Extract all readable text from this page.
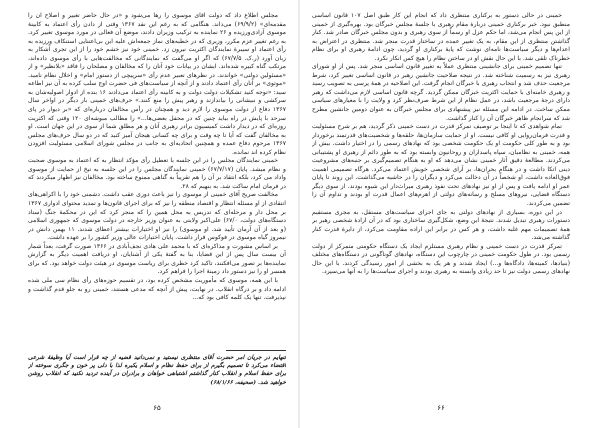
مجلس اطلاع داد که دولت آقای موسوی را رها می‌شود و «در حال حاضر تغییر و اصلاح آن را مقدمه‌ای» (۶۹/۹/۲) می‌داند. هنگامی که به رغم این نقد ۱۳۶۷ وقتی از دادن رأی اعتماد به کابینهٔ موسوی آزادی‌ورزیده و ۲۶ نماینده به ترکیب وزیران دادند، موضع آن فعالی در مورد موسوی تغییر کرد. به رغم تغییر عزم مکرر، وزیری که در خطبه‌های نماز جمعه‌اش علیه این بی‌اعتنایی استنکاف ورزیده به رأی اعتماد او سیبرهٔ نمایندگان اکثریت نیرون زد. خمینی خود نیز خشم خود را از این تجری آشکار به زبان آورد (ر.ک. ۶۷/۷/۵) که اگر او می‌گفت که نمایندگانی که مخالفت‌هایی با رأی موسوی داده‌اند، مرتکب گناه کبیره شده‌اند. ایشان در بیانات خود آنان را که مخالفان و مصلحان را فاقد «بلانظیر» و از «مسئولین دولتی» خواندند. در نظرهای تعبیر عدم رأی «سرپیچی از دستور امام» و اخلال نظام نامید. «موتوی» بر آنان رأی اعتماد دادند و از آنچه از سیاست‌های فی حضرت اوج سلب کرده به آن نیز اطاعه سید: «توجه کنید تشکیلات دولت دولت و به کابینه رأی اعتماد می‌دادند ۱۶ بنده از ادوار اصولیه‌شان به سرکشی و نبیشانی را بیاندازند و رهبر پیش را منع کنند.» حرف‌هاى خمینی بار دیگر در اواخر سال ۱۳۶۷ دفاع از دولت موسوی را لازم دید و همچنان در رأس مخالفان درباره‌ای که «بر دیوار در پای سرحد با پایش در راه بیاید چنین که در محفل بعضی‌ها...» را مطالب مبوشه‌ای ۱۲۰ وقتی که اکثریت روزه‌ای که در دیدار داشت کمیسیون برادر رهبری آنان و هر مطلق شما از سوی در این جهان است. او به مخالفان گفت که آیا تا چه وقت و برای چه کسانی هیجان آمیز کنید که در دو سال حرف‌هاى مجلس ۱۳۶۷ مرحوم دفاع عمده و همچنین اتحادیه‌ای به جانب در مجلس شورای اسلامی مسئولیت افزودن نظام کرده اند نمانده.

خمینی نمایندگان مجلس را در این جلسه با تعطیل رأی مؤکد انتظار به که اعتماد به موسوی صحبت و نظام میشد. پایان (۶۷/۷/۱۷) خمینی نمایندگان مجلس را در این جلسه به تیخ از حمایت از موسوی واداد می کرد، بلکه انتقاد بر آن را هم تقریباً به گناهی ممنوع ساخته بود. مخالفان نیز اظهار میکردند که در فرمان امام ساکت شد. به بنهیم که ۲۸.

مخالفت صریح آقای خمینی از موسوی را نیز باعث دوری عقب داشت. دشمنی خود را با اکراهی‌های انتقادی از او مسئله انتظار و اقتصاد منطقه را نیز که برای اجرای قانون‌ها و تمدید محتوای ادواری ۱۳۶۷ بر محل دار و مرحله‌ای که تدریس به محل همین را که منجر کرد که این در محکمهٔ جنگ (ستاد دستگاه‌های دولت، ۶۷/۰) علی‌اکبر ولایتی به عنوان وزیر خارجه در دولت موسوی که جمهوری اسلامی (و بعد از آن آرمان تأیید شد. او موسوی) را نیز او اختیارات بیشتر اعطای شدند. ۱۱ بهمن دانش در نیمروز گیاه موسوی در فوکوس قرار داشت. پایان اختیارات عالی وزیر کشور را بر عهده داشت.

بر اساس مشورت و مذاکره‌ای که با محمد علی هادی نجف‌آبادی در ۱۳۶۶ صورت گرفت، بعداً شمار آن بیست سال پس از این قضایا، بنا به گفتهٔ یکی از آشنایان، او دریافت اهمیت دیگر به گزارش نماینده‌ها بر تصور می‌افکنند، تاکید کرد خطری برای ریاست موسوی در هیئت دولت خواهد بود. که برای همسر او را نیز دستور داد زمینهٔ اجرا را فراهم کرد.

با این همه، موسوی که مأموریت مشخص کرده بود، در تقسیم حوزه‌های رأی نظام سی ملی شده ادامه داد و بر درگاه انقلاب. در نهایت، پیش از آنچه که مدعی هستند، خمینی رو به جلو قدم گذاشت و نپذیرفت. تنها یک کلمه کافی بود که...

تنهایم در جریان امر حضرت آقای منتظری نیستید و نمی‌دانید قضیه از چه قرار است آیا وظیفهٔ شرعی اقتضاء می‌کرد تا تصمیم بگیرم از برای حفظ نظام و اسلام یکبره لذا با دلی پر خون و جگری سوخته از برای حفظ اسلام و انقلاب کنار گذاشتم اشتباهی خواهان و برادران در آینده تردید نکنید که انقلاب روشن خواهید شد. (صحیفه، ۶۸/۱/۶۶)
۶۵

خمینی در حالی دستور به برکناری منتظری داد که انجام این کار طبق اصل ۱۰۷ قانون اساسی منطبق نبود. خبر برکناری خمینی دربارهٔ مقام رهبری با جلسهٔ مجلس خبرگان بود. بهره‌گیری از خمینی از این پس انجام می‌شد، اما حکم عزل او رسماً از سوی رهبری و بدون مجلس خبرگان صادر شد. کنار گذاشتن منتظری از این مقام، به یک تغییر عمده در ساختار قدرت منجر شد. منتظری در اعتراض به اعدام‌ها و دیگر سیاست‌ها نامه‌ای نوشت که پایهٔ برکناری او گردید، چون ادامهٔ رهبری او برای نظام خطرناک تلقی شد. با این حال نقش او در ساختن نظام را هیچ کس انکار نکرد.

تنها تصمیم خمینی برای جانشینی منتظری عملاً به تغییر قانون اساسی منجر شد. پس از او شورای رهبری نیز به رسمیت شناخته شد. در نتیجه صلاحیت جانشین رهبر در قانون اساسی تغییر کرد، شرط مرجعیت حذف شد و انتخاب رهبری با خبرگان انجام گرفت. این اصلاحیه در همهٔ پرسی به تصویب رسید و رهبری خامنه‌ای با حمایت اکثریت خبرگان ممکن گردید. گرچه قانون اساسی لازم می‌داشت که رهبر دارای درجهٔ مرجعیت باشد، در عمل نظام از این شرط صرف‌نظر کرد و ولایت را با معیارهای سیاسی ممکن ساخت. در ادامه این مسئله نیز پیشنهادی برای مجلس خبرگان به عنوان دومین جانشین مطرح شد که سرانجام ظاهر خبرگان آن را کنار گذاشت.

تمام شواهدی که تا اینجا بر توصیف تمرکز قدرت در دست خمینی ذکر گردید، هم بر شرح مسئولیت و قدرت فرمان‌روایی او کافی نیست. او از حمایت سازمان‌ها، حلقه‌ها و شخصیت‌های قدرتمند برخوردار بود و به طور کلی حکومت او یک حکومت شخصی بود که نهادهای رسمی را در اختیار داشت. بیش از همه، خمینی به نظامیان، سپاه پاسداران و روحانیون وابسته بود که به طور دائم از رهبری او پشتیبانی می‌کردند. مطالعهٔ دقیق آثار خمینی نشان می‌دهد که او به هنگام تصمیم‌گیری بر جنبه‌های مشروعیت دینی اتکا داشت و در هنگام بحران‌ها، بر آرای شخصی خویش اعتماد می‌کرد. هرگاه تصمیمی اهمیت فوق‌العاده داشت، او شخصاً در آن دخالت می‌کرد و دیگران را در حاشیه می‌گذاشت. این روند تا پایان عمر او ادامه یافت و پس از او نیز نهادهای تحت نفوذ رهبری میراث‌دار این شیوه بودند. از سوی دیگر دستگاه قضایی، نیروهای مسلح و رسانه‌های دولتی از اهرم‌های اعمال قدرت او بودند و تداوم آن را تضمین می‌کردند.

در این دوره، بسیاری از نهادهای دولتی به جای اجرای سیاست‌های مستقل، به مجری مستقیم دستورات رهبری تبدیل شدند. نتیجهٔ این وضع، شکل‌گیری ساختاری بود که در آن ارادهٔ شخصی رهبر بر همهٔ تصمیمات مهم غلبه داشت، و هر کس در برابر این اراده مقاومت می‌کرد، از دایرهٔ قدرت کنار گذاشته می‌شد.

تمرکز قدرت در دست خمینی و نظام رهبری مستلزم ایجاد یک دستگاه حکومتی متمرکز از دولت رسمی بود. در طول حکومت خمینی در چارچوب این دستگاه، نهادهای گوناگونی در دستگاه‌های مختلف (بنیادها، کمیته‌ها، دادگاه‌ها و...) ایجاد شدند و هر یک به بخشی از امور رسیدگی کردند. با این حال نهادهای رسمی دولت نیز تا حد زیادی وابسته به رهبری بودند و اجرای سیاست‌ها را به آنها می‌سپرد.

۶۶
